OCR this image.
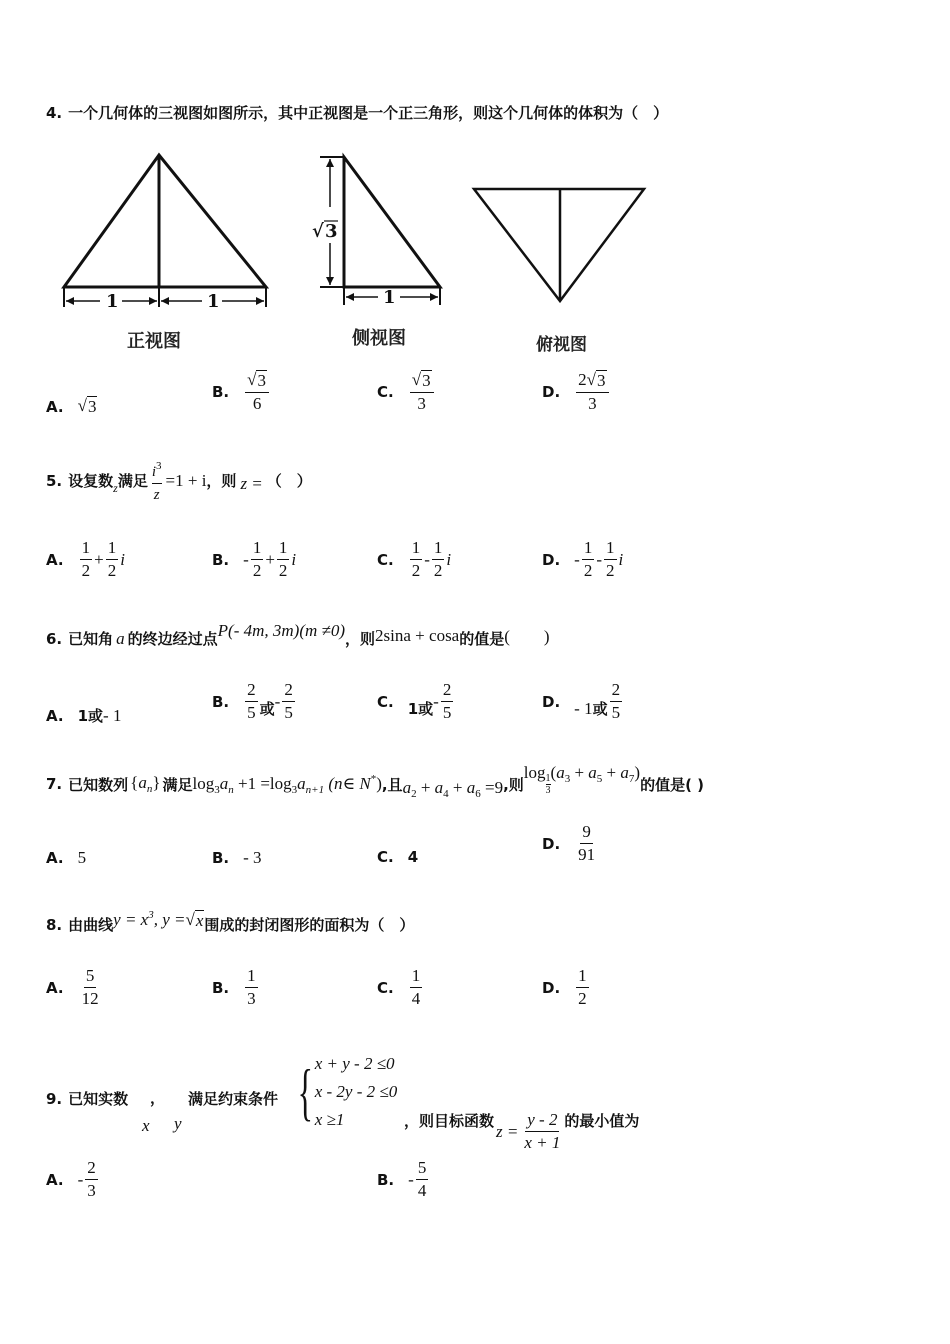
4. 一个几何体的三视图如图所示，其中正视图是一个正三角形，则这个几何体的体积为（　）
1	1
√ 3
1
正视图	侧视图	俯视图
A. √ 3
B. $\frac{√ 3}{6}$	C. $\frac{√ 3}{3}$	D. $\frac{2 √ 3}{3}$
5. 设复数 z 满足 $\frac{i^3}{z} =1 + i$ ，则 z = （　）
A. $\frac{1}{2} + \frac{1}{2}$ i	B. - $\frac{1}{2} + \frac{1}{2}$ i	C. $\frac{1}{2} - \frac{1}{2}$ i	D. - $\frac{1}{2} - \frac{1}{2}$ i
6. 已知角 a 的终边经过点 P(- 4m, 3m)(m ≠0) ，则 2sina + cosa 的值是 (　　)
A. 1 或 - 1
B. $\frac{2}{5}$ 或 - $\frac{2}{5}$	C. 1 或 - $\frac{2}{5}$	D. - 1 或 $\frac{2}{5}$
7. 已知数列 $\{a_n\}$ 满足 $\log_3a_n +1 =\log_3a_{n+1}$ (n∈ N*) ,且 $a_2 + a_4 + a_6 =9$ ,则
log 1
3
$(a_3 + a_5 + a_7)$
的值是( )
A. 5	B. - 3	C. 4
D. $\frac{9}{91}$
8. 由曲线 $y = x^3$, y = √ x 围成的封闭图形的面积为（　）
A. $\frac{5}{12}$	B. $\frac{1}{3}$	C. $\frac{1}{4}$	D. $\frac{1}{2}$
9. 已知实数
x
，
y
满足约束条件 { x + y - 2 ≤0
x - 2y - 2 ≤0
x ≥1	，则目标函数
$z = \frac{y - 2}{x + 1}$ 的最小值为
A. - $\frac{2}{3}$	B. - $\frac{5}{4}$
